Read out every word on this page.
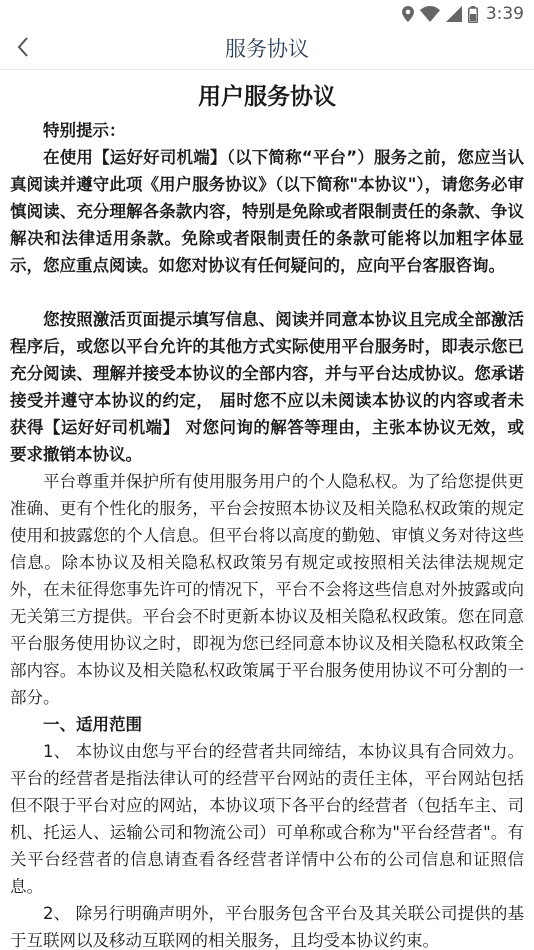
3:39
服务协议
用户服务协议

特别提示：

在使用【运好好司机端】（以下简称“平台”）服务之前，您应当认真阅读并遵守此项《用户服务协议》（以下简称"本协议"），请您务必审慎阅读、充分理解各条款内容，特别是免除或者限制责任的条款、争议解决和法律适用条款。免除或者限制责任的条款可能将以加粗字体显示，您应重点阅读。如您对协议有任何疑问的，应向平台客服咨询。

您按照激活页面提示填写信息、阅读并同意本协议且完成全部激活程序后，或您以平台允许的其他方式实际使用平台服务时，即表示您已充分阅读、理解并接受本协议的全部内容，并与平台达成协议。您承诺接受并遵守本协议的约定， 届时您不应以未阅读本协议的内容或者未获得【运好好司机端】 对您问询的解答等理由，主张本协议无效，或要求撤销本协议。

平台尊重并保护所有使用服务用户的个人隐私权。为了给您提供更准确、更有个性化的服务，平台会按照本协议及相关隐私权政策的规定使用和披露您的个人信息。但平台将以高度的勤勉、审慎义务对待这些信息。除本协议及相关隐私权政策另有规定或按照相关法律法规规定外，在未征得您事先许可的情况下，平台不会将这些信息对外披露或向无关第三方提供。平台会不时更新本协议及相关隐私权政策。您在同意平台服务使用协议之时，即视为您已经同意本协议及相关隐私权政策全部内容。本协议及相关隐私权政策属于平台服务使用协议不可分割的一部分。

一、适用范围

1、 本协议由您与平台的经营者共同缔结，本协议具有合同效力。平台的经营者是指法律认可的经营平台网站的责任主体，平台网站包括但不限于平台对应的网站，本协议项下各平台的经营者（包括车主、司机、托运人、运输公司和物流公司）可单称或合称为"平台经营者"。有关平台经营者的信息请查看各经营者详情中公布的公司信息和证照信息。

2、 除另行明确声明外，平台服务包含平台及其关联公司提供的基于互联网以及移动互联网的相关服务，且均受本协议约束。
